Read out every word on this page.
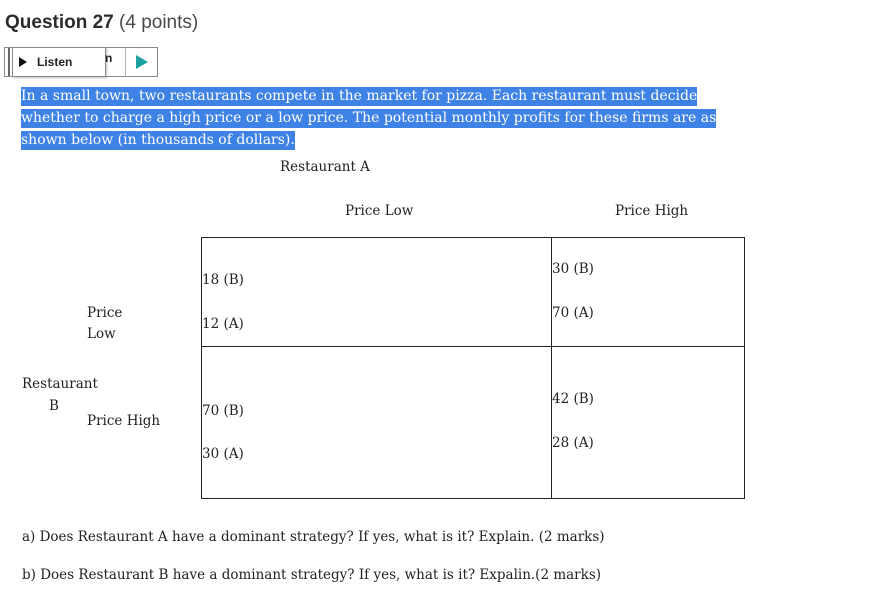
Question 27 (4 points)
Listen	n
In a small town, two restaurants compete in the market for pizza. Each restaurant must decide whether to charge a high price or a low price. The potential monthly profits for these firms are as shown below (in thousands of dollars).
Restaurant A
Price Low	Price High
Price
Low
Restaurant
B
Price High
18 (B)
12 (A)
30 (B)
70 (A)
70 (B)
30 (A)
42 (B)
28 (A)
a) Does Restaurant A have a dominant strategy? If yes, what is it? Explain. (2 marks)
b) Does Restaurant B have a dominant strategy? If yes, what is it? Expalin.(2 marks)
